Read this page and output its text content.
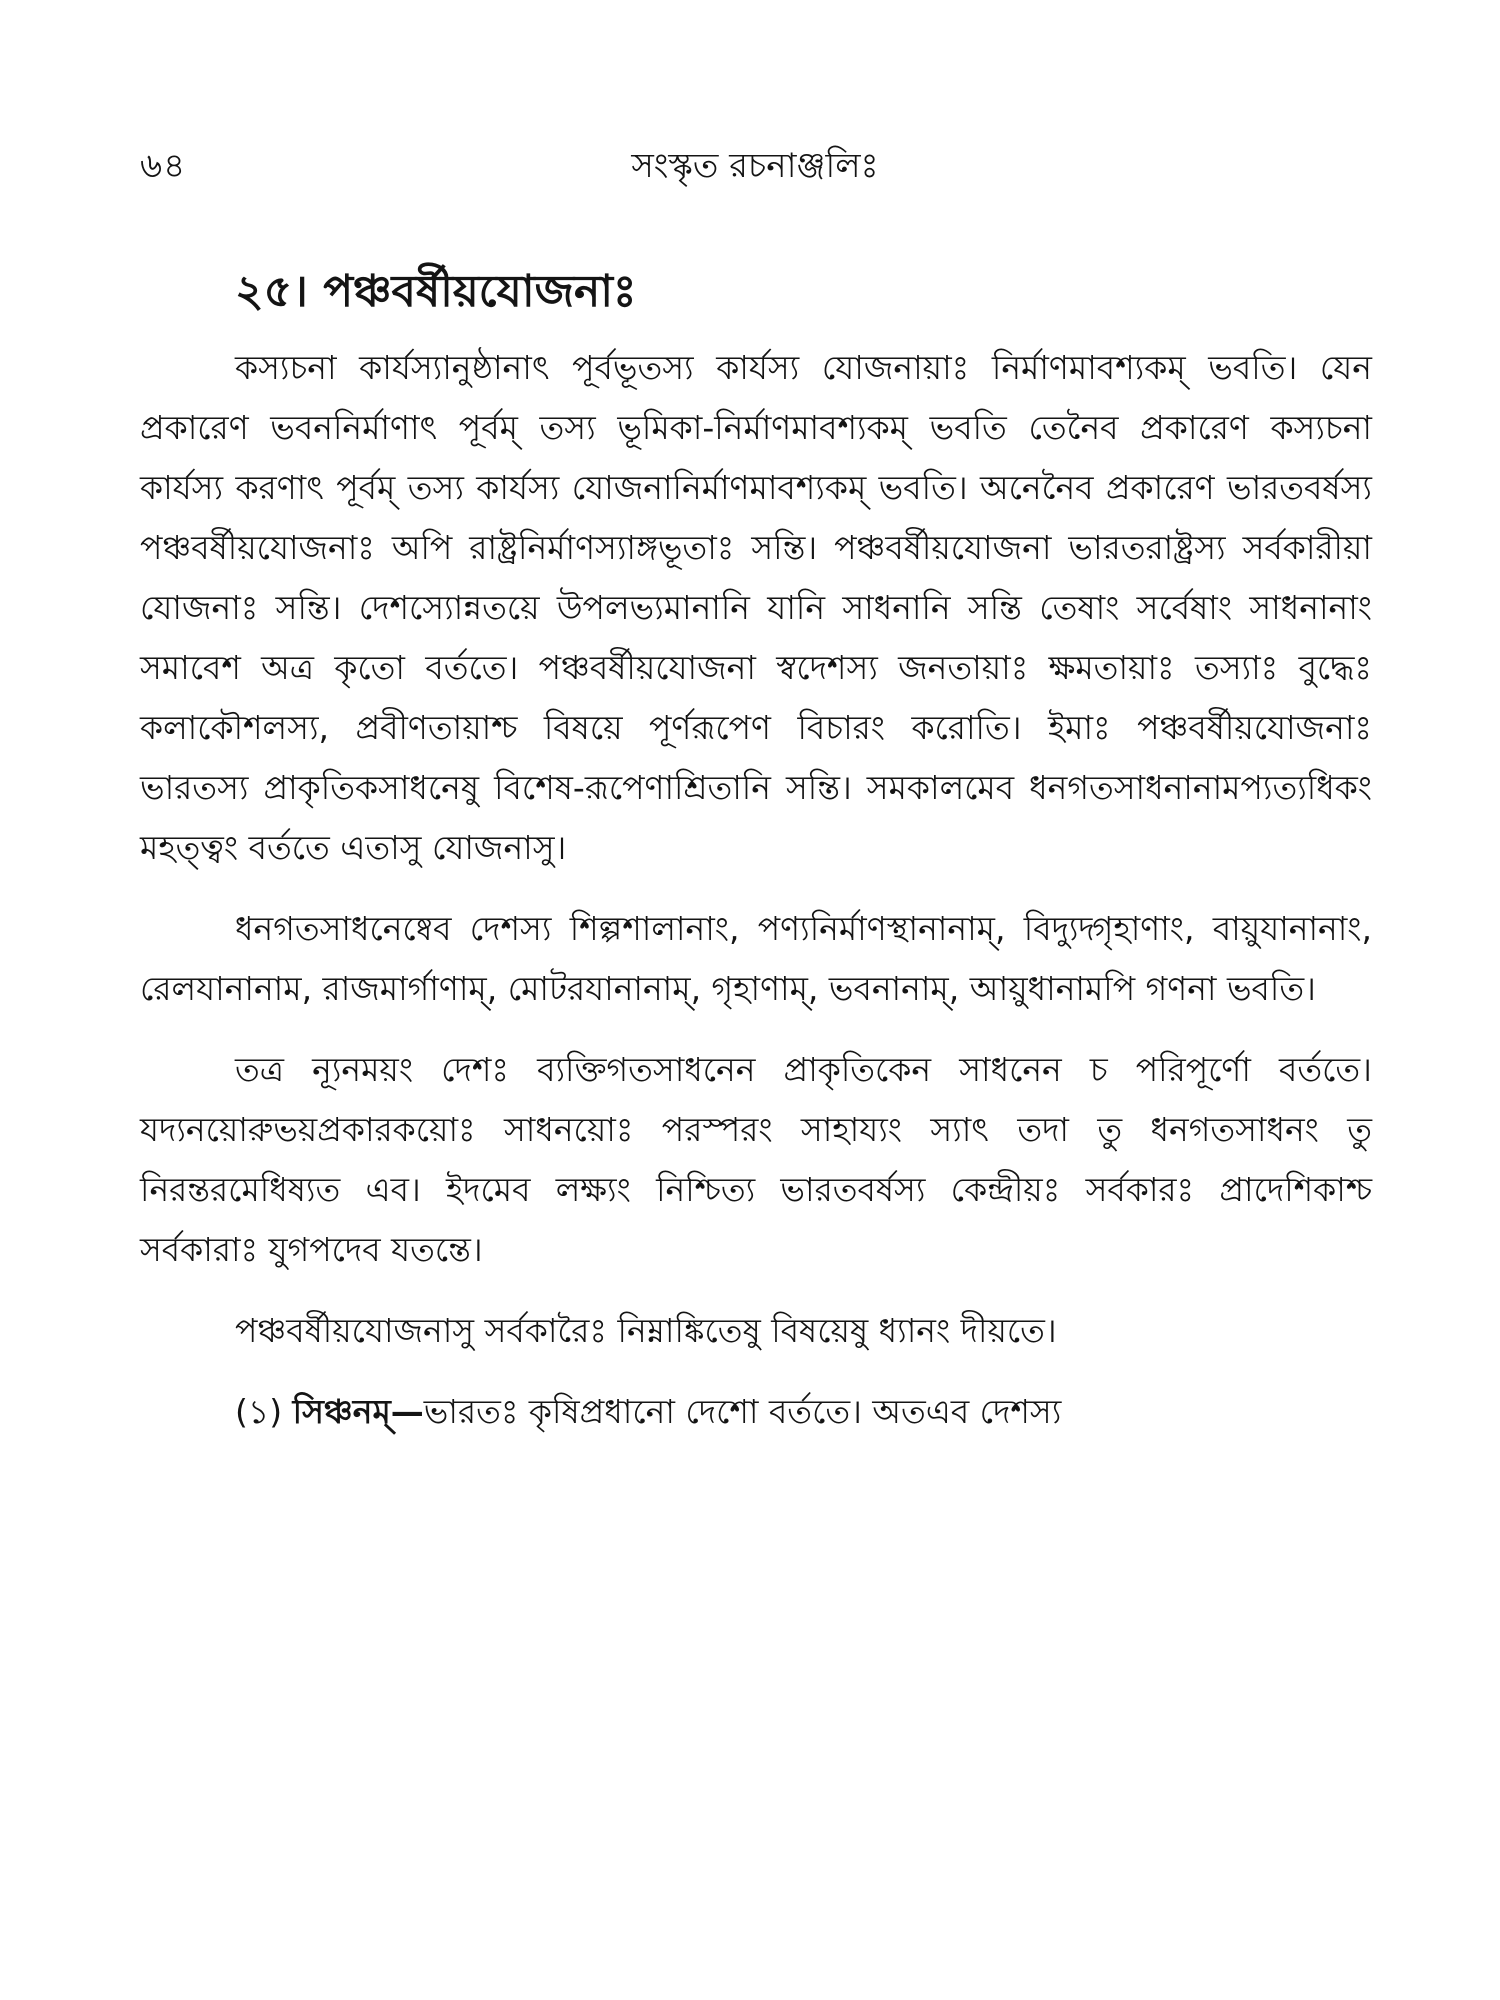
৬৪	সংস্কৃত রচনাঞ্জলিঃ
২৫। পঞ্চবর্ষীয়যোজনাঃ

কস্যচনা কার্যস্যানুষ্ঠানাৎ পূর্বভূতস্য কার্যস্য যোজনায়াঃ নির্মাণমাবশ্যকম্ ভবতি। যেন প্রকারেণ ভবননির্মাণাৎ পূর্বম্ তস্য ভূমিকা-নির্মাণমাবশ্যকম্ ভবতি তেনৈব প্রকারেণ কস্যচনা কার্যস্য করণাৎ পূর্বম্ তস্য কার্যস্য যোজনানির্মাণমাবশ্যকম্ ভবতি। অনেনৈব প্রকারেণ ভারতবর্ষস্য পঞ্চবর্ষীয়যোজনাঃ অপি রাষ্ট্রনির্মাণস্যাঙ্গভূতাঃ সন্তি। পঞ্চবর্ষীয়যোজনা ভারতরাষ্ট্রস্য সর্বকারীয়া যোজনাঃ সন্তি। দেশস্যোন্নতয়ে উপলভ্যমানানি যানি সাধনানি সন্তি তেষাং সর্বেষাং সাধনানাং সমাবেশ অত্র কৃতো বর্ততে। পঞ্চবর্ষীয়যোজনা স্বদেশস্য জনতায়াঃ ক্ষমতায়াঃ তস্যাঃ বুদ্ধেঃ কলাকৌশলস্য, প্রবীণতায়াশ্চ বিষয়ে পূর্ণরূপেণ বিচারং করোতি। ইমাঃ পঞ্চবর্ষীয়যোজনাঃ ভারতস্য প্রাকৃতিকসাধনেষু বিশেষ-রূপেণাশ্রিতানি সন্তি। সমকালমেব ধনগতসাধনানামপ্যত্যধিকং মহত্ত্বং বর্ততে এতাসু যোজনাসু।

ধনগতসাধনেষ্বেব দেশস্য শিল্পশালানাং, পণ্যনির্মাণস্থানানাম্, বিদ্যুদ্গৃহাণাং, বায়ুযানানাং, রেলযানানাম, রাজমার্গাণাম্, মোটরযানানাম্, গৃহাণাম্, ভবনানাম্, আয়ুধানামপি গণনা ভবতি।

তত্র ন্যূনময়ং দেশঃ ব্যক্তিগতসাধনেন প্রাকৃতিকেন সাধনেন চ পরিপূর্ণো বর্ততে। যদ্যনয়োরুভয়প্রকারকয়োঃ সাধনয়োঃ পরস্পরং সাহায্যং স্যাৎ তদা তু ধনগতসাধনং তু নিরন্তরমেধিষ্যত এব। ইদমেব লক্ষ্যং নিশ্চিত্য ভারতবর্ষস্য কেন্দ্রীয়ঃ সর্বকারঃ প্রাদেশিকাশ্চ সর্বকারাঃ যুগপদেব যতন্তে।

পঞ্চবর্ষীয়যোজনাসু সর্বকারৈঃ নিম্নাঙ্কিতেষু বিষয়েষু ধ্যানং দীয়তে।

(১) সিঞ্চনম্—ভারতঃ কৃষিপ্রধানো দেশো বর্ততে। অতএব দেশস্য
